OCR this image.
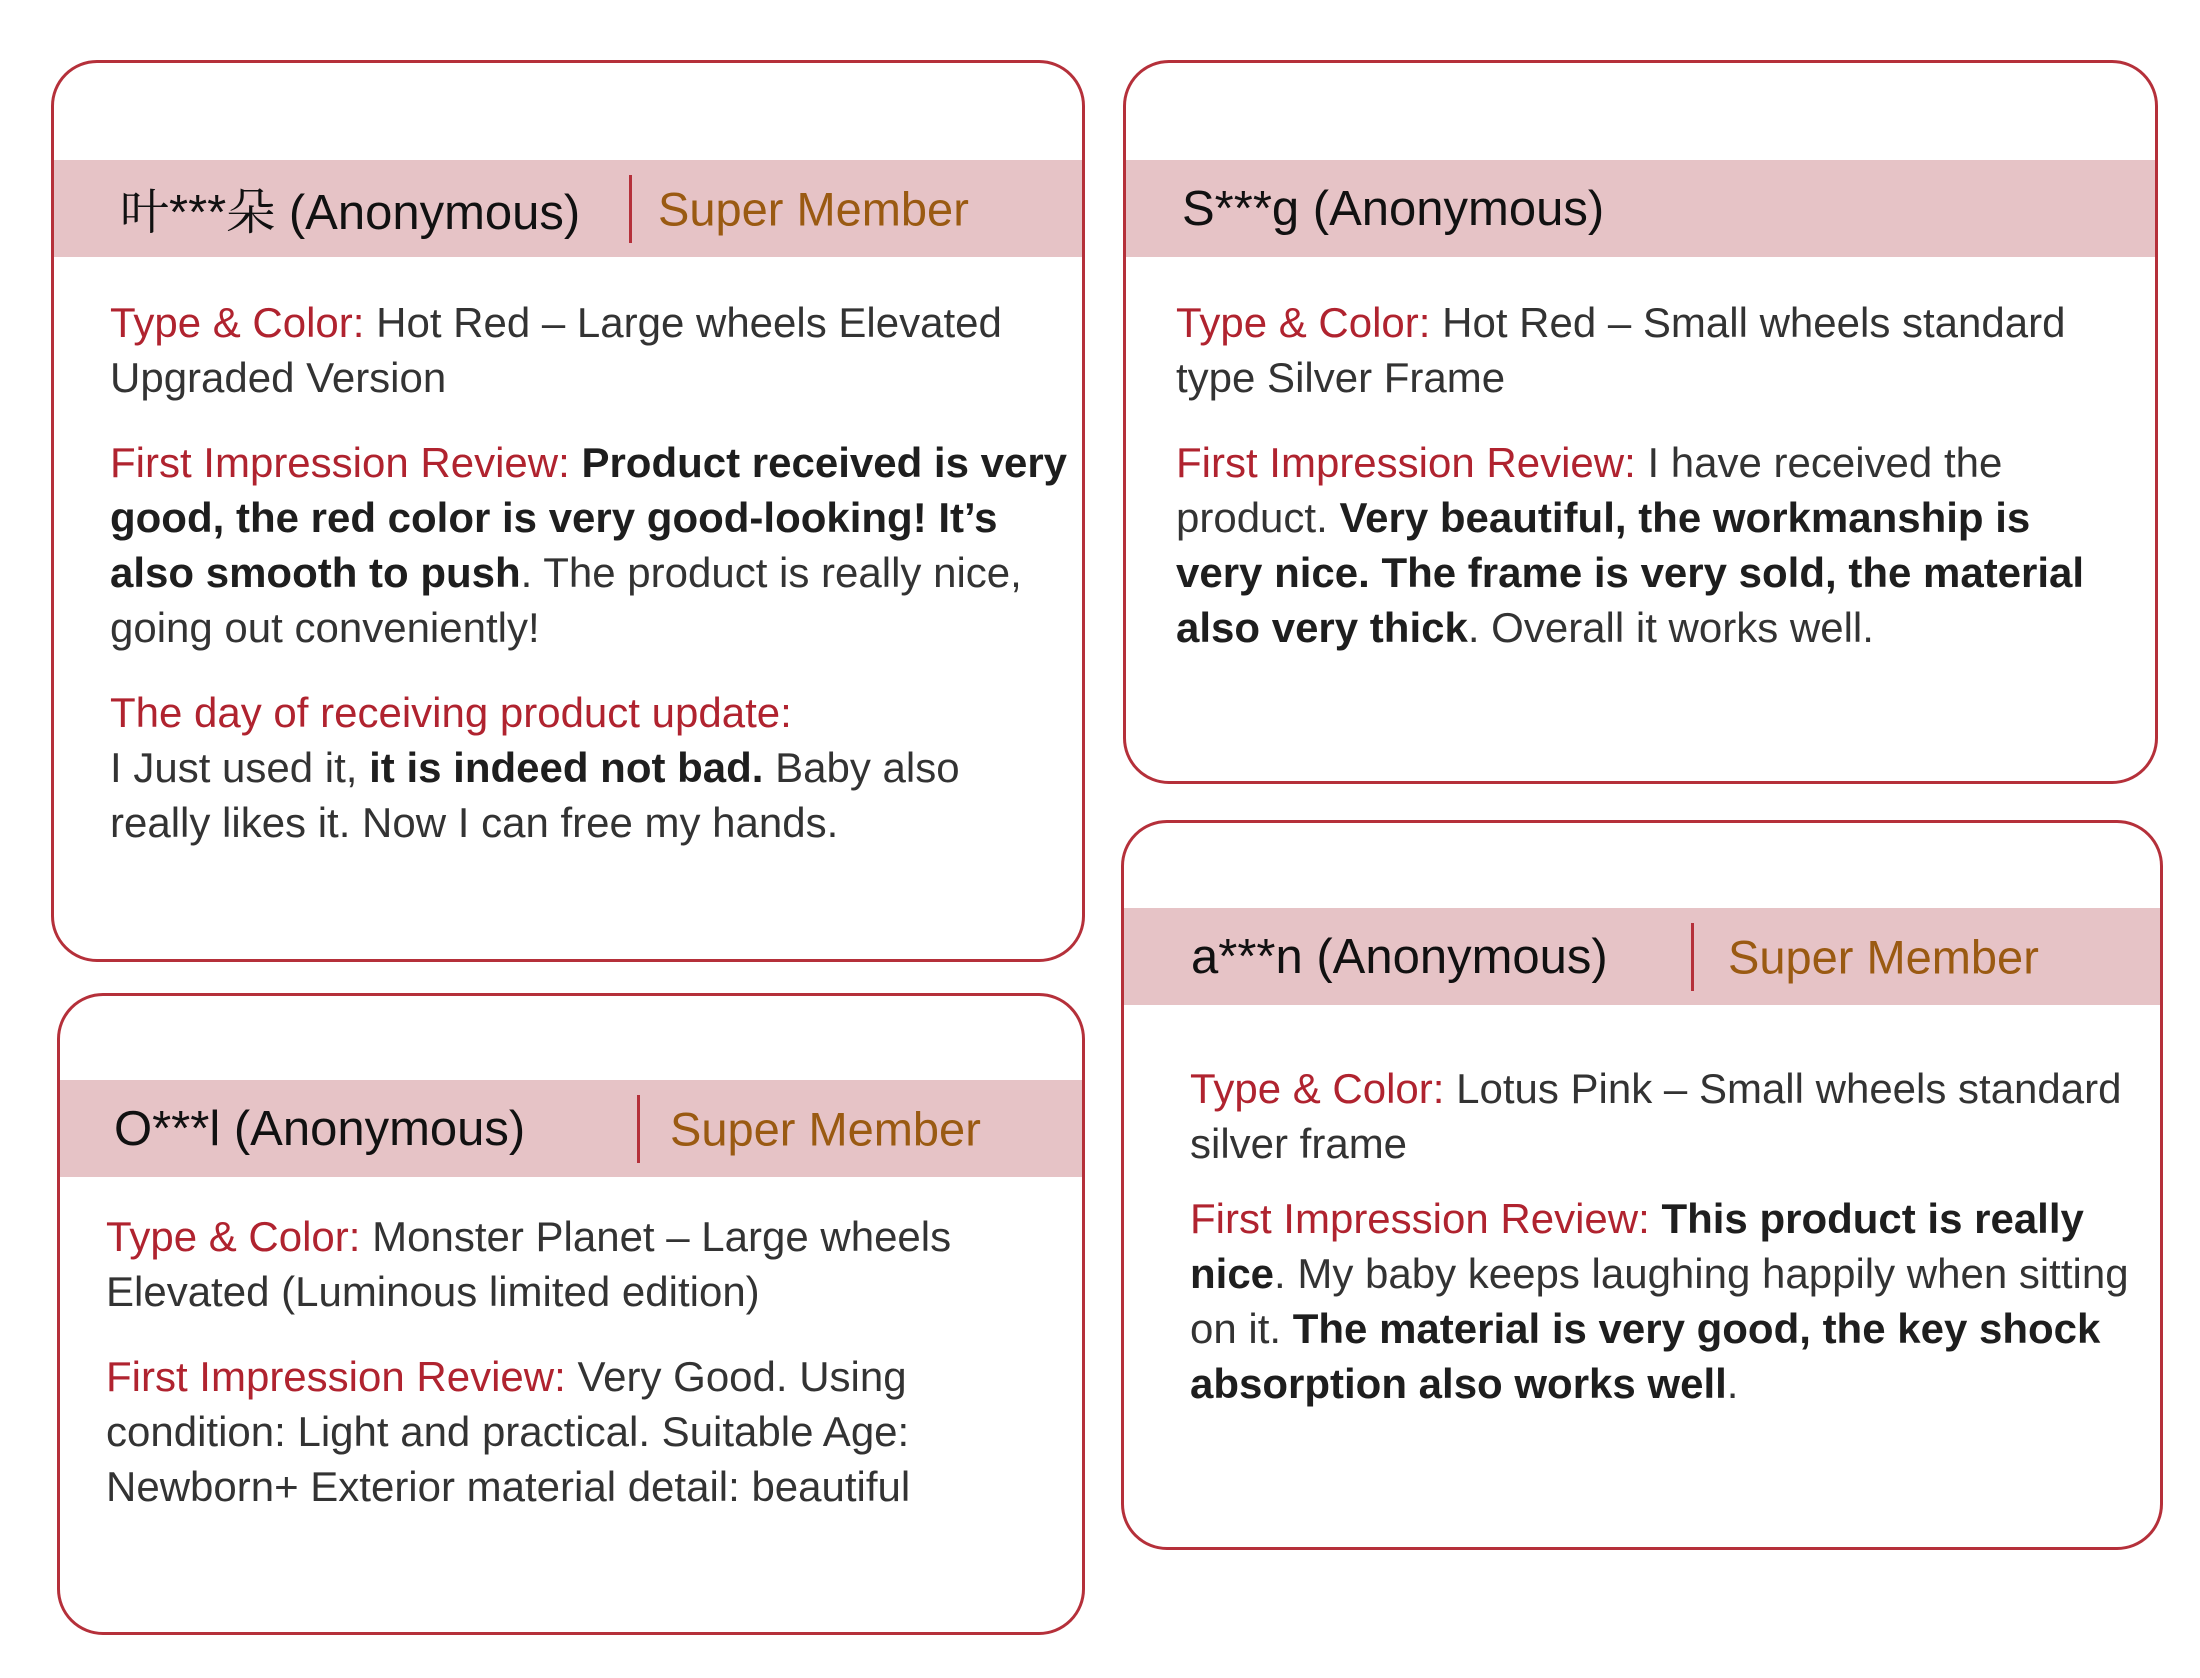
叶***朵 (Anonymous) Super Member

Type & Color: Hot Red – Large wheels Elevated Upgraded Version

First Impression Review: Product received is very good, the red color is very good-looking! It’s also smooth to push. The product is really nice, going out conveniently!

The day of receiving product update:
I Just used it, it is indeed not bad. Baby also really likes it. Now I can free my hands.

S***g (Anonymous)

Type & Color: Hot Red – Small wheels standard type Silver Frame

First Impression Review: I have received the product. Very beautiful, the workmanship is very nice. The frame is very sold, the material also very thick. Overall it works well.

O***l (Anonymous)	Super Member

Type & Color: Monster Planet – Large wheels Elevated (Luminous limited edition)

First Impression Review: Very Good. Using condition: Light and practical. Suitable Age: Newborn+ Exterior material detail: beautiful

a***n (Anonymous)	Super Member

Type & Color: Lotus Pink – Small wheels standard silver frame

First Impression Review: This product is really nice. My baby keeps laughing happily when sitting on it. The material is very good, the key shock absorption also works well.
